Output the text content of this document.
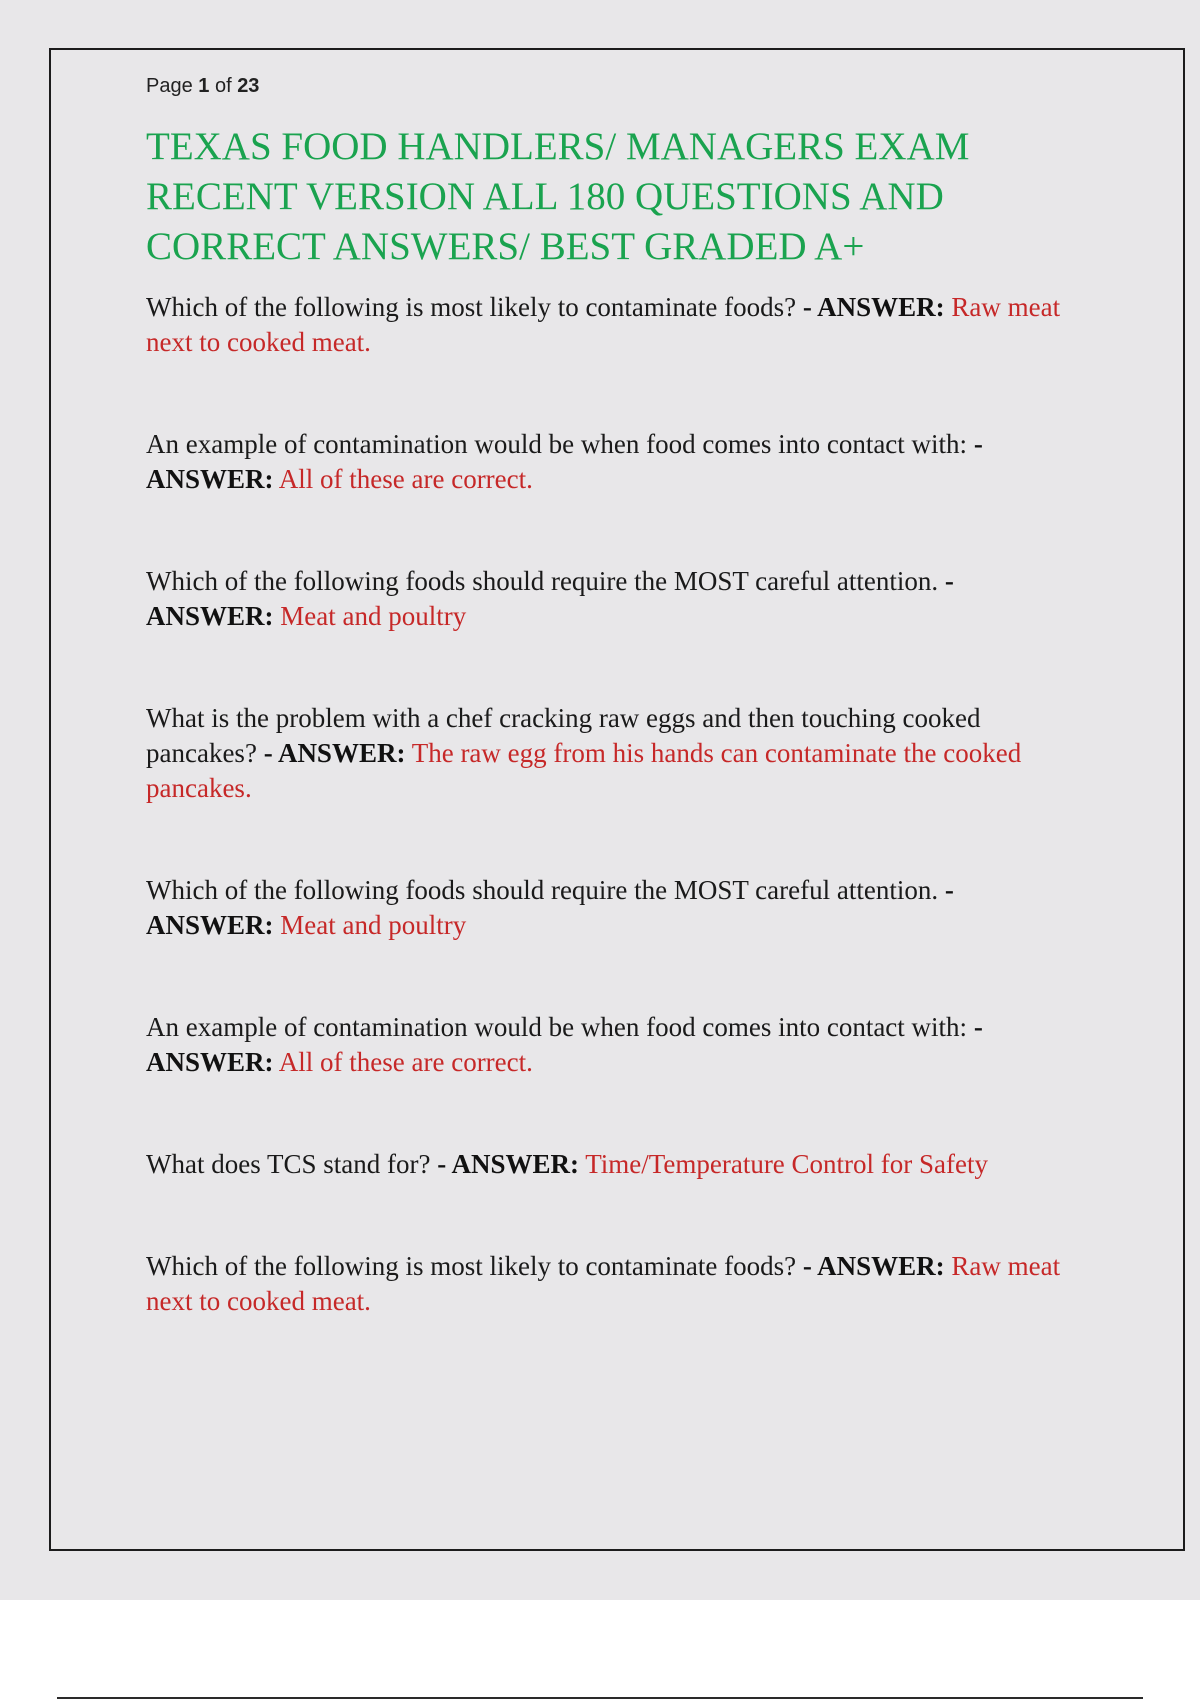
Page 1 of 23
TEXAS FOOD HANDLERS/ MANAGERS EXAM RECENT VERSION ALL 180 QUESTIONS AND CORRECT ANSWERS/ BEST GRADED A+

Which of the following is most likely to contaminate foods? - ANSWER: Raw meat next to cooked meat.

An example of contamination would be when food comes into contact with: - ANSWER: All of these are correct.

Which of the following foods should require the MOST careful attention. - ANSWER: Meat and poultry

What is the problem with a chef cracking raw eggs and then touching cooked pancakes? - ANSWER: The raw egg from his hands can contaminate the cooked pancakes.

Which of the following foods should require the MOST careful attention. - ANSWER: Meat and poultry

An example of contamination would be when food comes into contact with: - ANSWER: All of these are correct.

What does TCS stand for? - ANSWER: Time/Temperature Control for Safety

Which of the following is most likely to contaminate foods? - ANSWER: Raw meat next to cooked meat.
